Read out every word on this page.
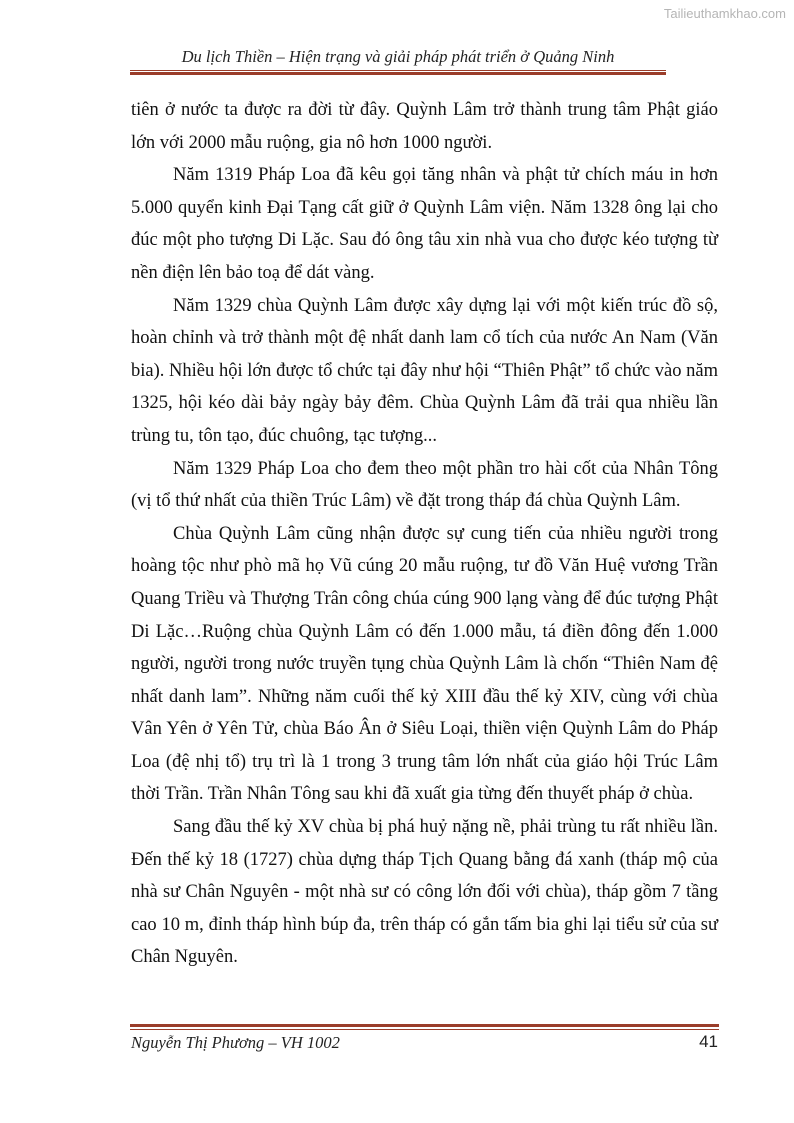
Tailieuthamkhao.com
Du lịch Thiền – Hiện trạng và giải pháp phát triển ở Quảng Ninh

tiên ở nước ta được ra đời từ đây. Quỳnh Lâm trở thành trung tâm Phật giáo lớn với 2000 mẫu ruộng, gia nô hơn 1000 người.

Năm 1319 Pháp Loa đã kêu gọi tăng nhân và phật tử chích máu in hơn 5.000 quyển kinh Đại Tạng cất giữ ở Quỳnh Lâm viện. Năm 1328 ông lại cho đúc một pho tượng Di Lặc. Sau đó ông tâu xin nhà vua cho được kéo tượng từ nền điện lên bảo toạ để dát vàng.

Năm 1329 chùa Quỳnh Lâm được xây dựng lại với một kiến trúc đồ sộ, hoàn chỉnh và trở thành một đệ nhất danh lam cổ tích của nước An Nam (Văn bia). Nhiều hội lớn được tổ chức tại đây như hội “Thiên Phật” tổ chức vào năm 1325, hội kéo dài bảy ngày bảy đêm. Chùa Quỳnh Lâm đã trải qua nhiều lần trùng tu, tôn tạo, đúc chuông, tạc tượng...

Năm 1329 Pháp Loa cho đem theo một phần tro hài cốt của Nhân Tông (vị tổ thứ nhất của thiền Trúc Lâm) về đặt trong tháp đá chùa Quỳnh Lâm.

Chùa Quỳnh Lâm cũng nhận được sự cung tiến của nhiều người trong hoàng tộc như phò mã họ Vũ cúng 20 mẫu ruộng, tư đồ Văn Huệ vương Trần Quang Triều và Thượng Trân công chúa cúng 900 lạng vàng để đúc tượng Phật Di Lặc…Ruộng chùa Quỳnh Lâm có đến 1.000 mẫu, tá điền đông đến 1.000 người, người trong nước truyền tụng chùa Quỳnh Lâm là chốn “Thiên Nam đệ nhất danh lam”. Những năm cuối thế kỷ XIII đầu thế kỷ XIV, cùng với chùa Vân Yên ở Yên Tử, chùa Báo Ân ở Siêu Loại, thiền viện Quỳnh Lâm do Pháp Loa (đệ nhị tổ) trụ trì là 1 trong 3 trung tâm lớn nhất của giáo hội Trúc Lâm thời Trần. Trần Nhân Tông sau khi đã xuất gia từng đến thuyết pháp ở chùa.

Sang đầu thế kỷ XV chùa bị phá huỷ nặng nề, phải trùng tu rất nhiều lần. Đến thế kỷ 18 (1727) chùa dựng tháp Tịch Quang bằng đá xanh (tháp mộ của nhà sư Chân Nguyên - một nhà sư có công lớn đối với chùa), tháp gồm 7 tầng cao 10 m, đỉnh tháp hình búp đa, trên tháp có gắn tấm bia ghi lại tiểu sử của sư Chân Nguyên.

Nguyễn Thị Phương – VH 1002	41
